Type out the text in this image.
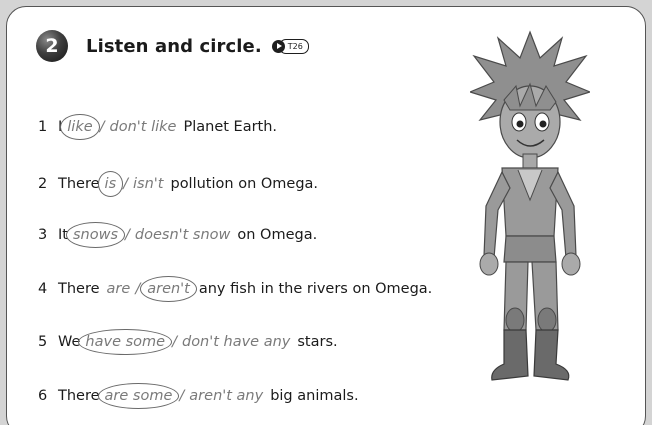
2	Listen and circle.	T26
1 I like / don't like Planet Earth.
2 There is / isn't pollution on Omega.
3 It snows / doesn't snow on Omega.
4 There are / aren't any fish in the rivers on Omega.
5 We have some / don't have any stars.
6 There are some / aren't any big animals.
